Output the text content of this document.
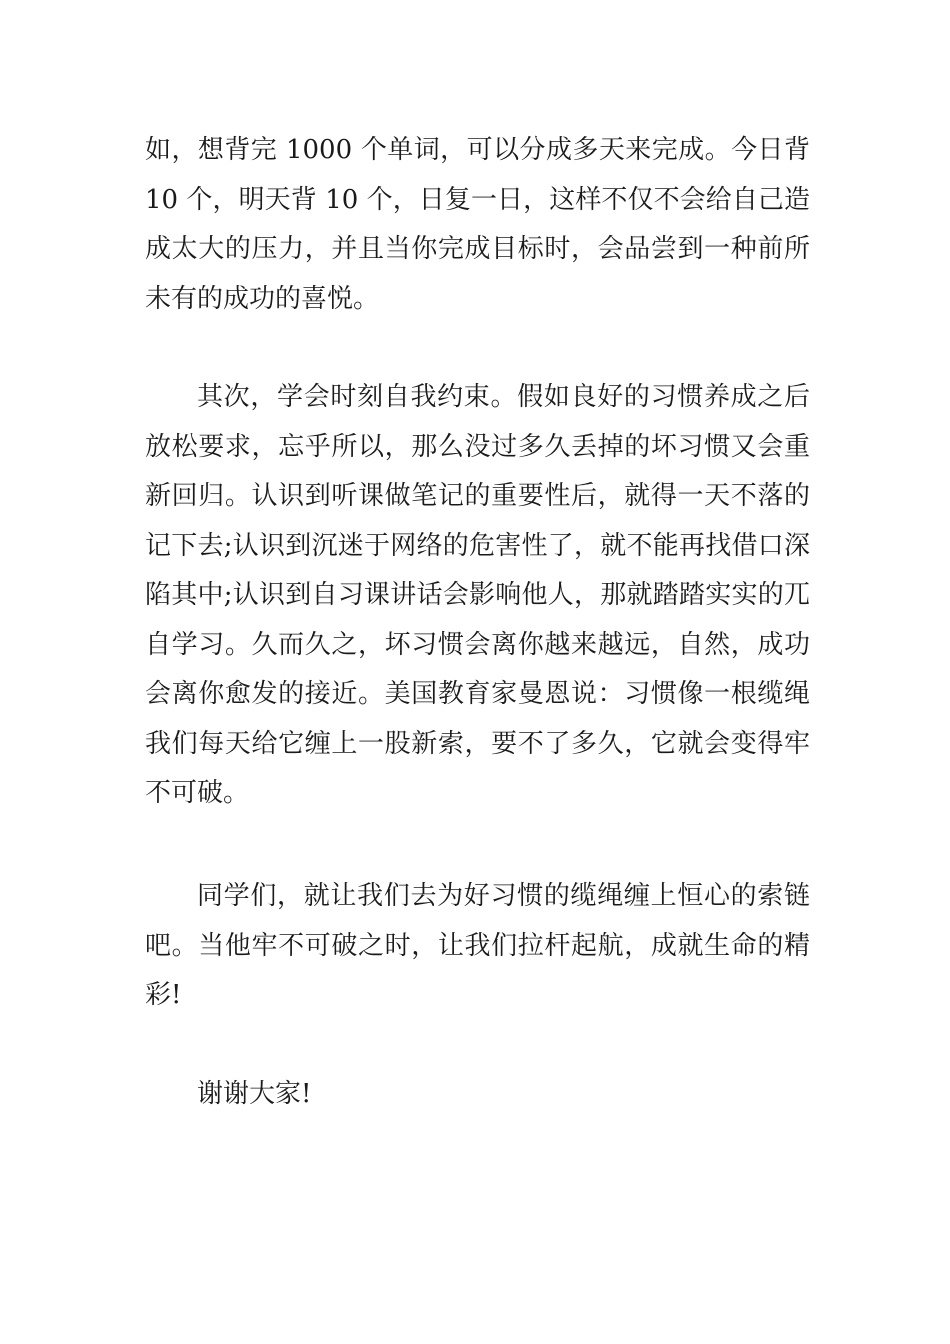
如，想背完 1000 个单词，可以分成多天来完成。今日背 10 个，明天背 10 个，日复一日，这样不仅不会给自己造成太大的压力，并且当你完成目标时，会品尝到一种前所未有的成功的喜悦。

其次，学会时刻自我约束。假如良好的习惯养成之后放松要求，忘乎所以，那么没过多久丢掉的坏习惯又会重新回归。认识到听课做笔记的重要性后，就得一天不落的记下去;认识到沉迷于网络的危害性了，就不能再找借口深陷其中;认识到自习课讲话会影响他人，那就踏踏实实的兀自学习。久而久之，坏习惯会离你越来越远，自然，成功会离你愈发的接近。美国教育家曼恩说：习惯像一根缆绳我们每天给它缠上一股新索，要不了多久，它就会变得牢不可破。

同学们，就让我们去为好习惯的缆绳缠上恒心的索链吧。当他牢不可破之时，让我们拉杆起航，成就生命的精彩!

谢谢大家!
